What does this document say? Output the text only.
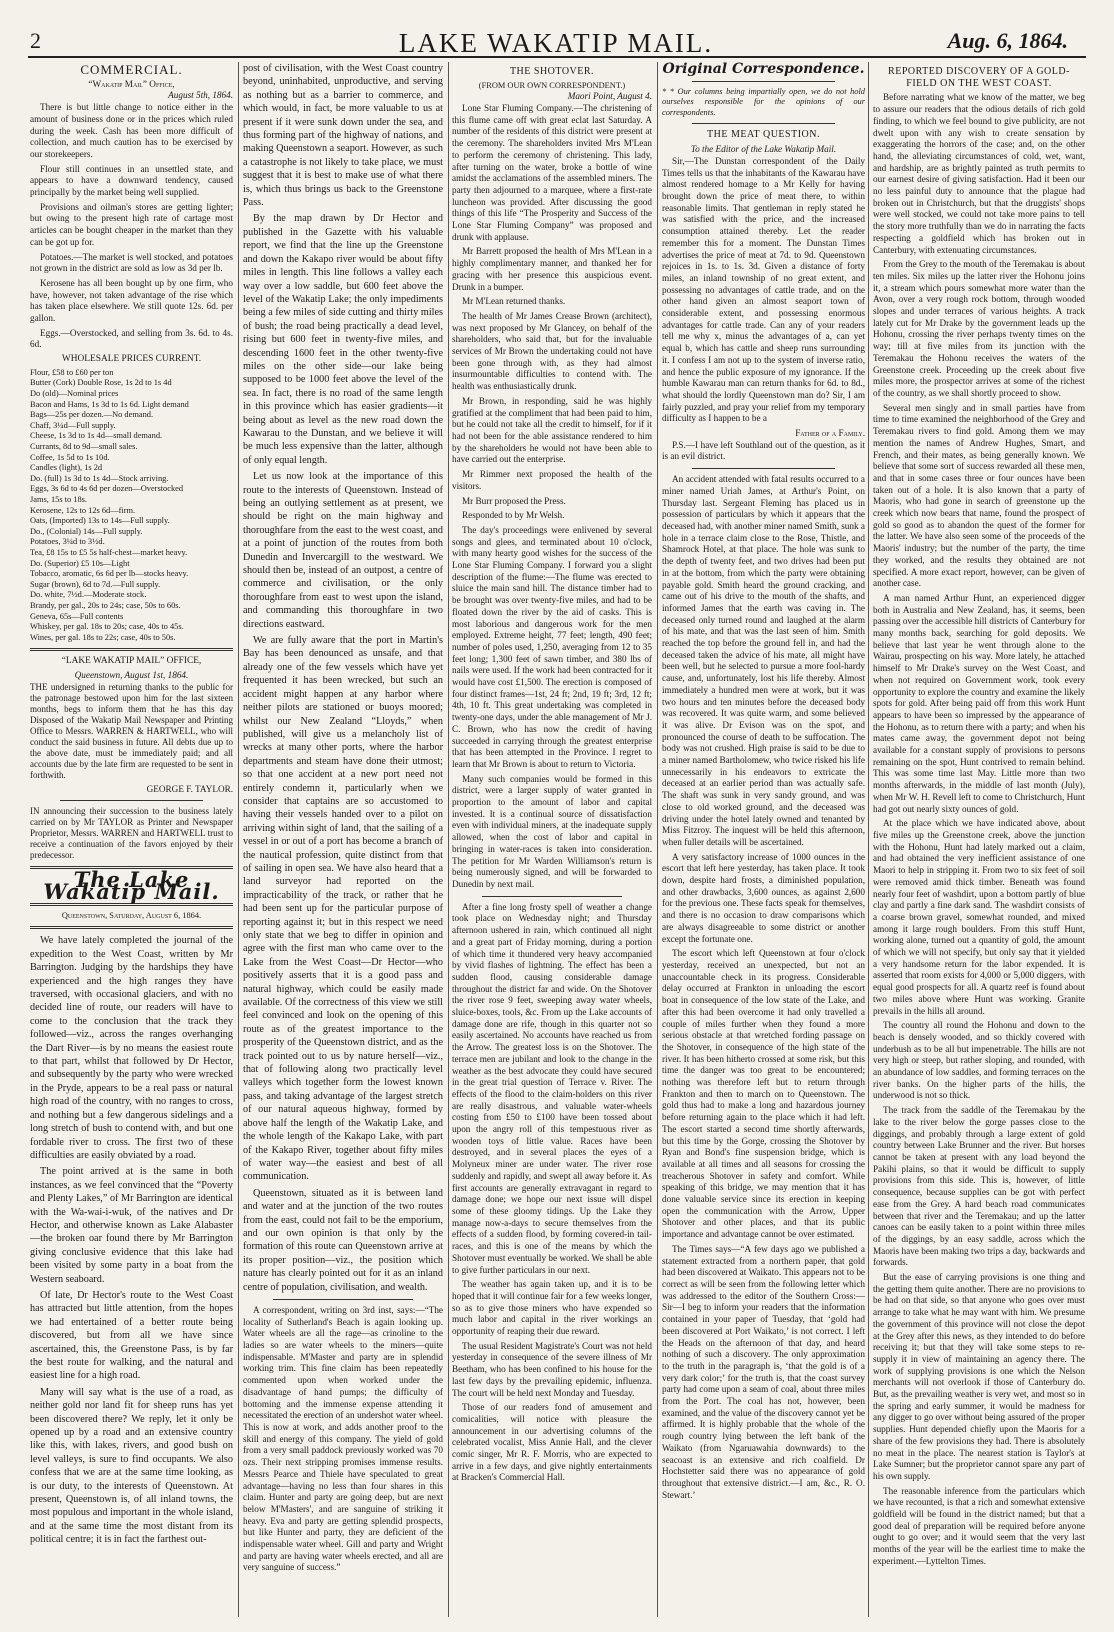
2	LAKE WAKATIP MAIL.	Aug. 6, 1864.
COMMERCIAL.
“Wakatip Mail” Office,
August 5th, 1864.

There is but little change to notice either in the amount of business done or in the prices which ruled during the week. Cash has been more difficult of collection, and much caution has to be exercised by our storekeepers.

Flour still continues in an unsettled state, and appears to have a downward tendency, caused principally by the market being well supplied.

Provisions and oilman's stores are getting lighter; but owing to the present high rate of cartage most articles can be bought cheaper in the market than they can be got up for.

Potatoes.—The market is well stocked, and potatoes not grown in the district are sold as low as 3d per lb.

Kerosene has all been bought up by one firm, who have, however, not taken advantage of the rise which has taken place elsewhere. We still quote 12s. 6d. per gallon.

Eggs.—Overstocked, and selling from 3s. 6d. to 4s. 6d.

WHOLESALE PRICES CURRENT.
Flour, £58 to £60 per ton
Butter (Cork) Double Rose, 1s 2d to 1s 4d
Do (old)—Nominal prices
Bacon and Hams, 1s 3d to 1s 6d. Light demand
Bags—25s per dozen.—No demand.
Chaff, 3¼d—Full supply.
Cheese, 1s 3d to 1s 4d—small demand.
Currants, 8d to 9d—small sales.
Coffee, 1s 5d to 1s 10d.
Candles (light), 1s 2d
Do. (full) 1s 3d to 1s 4d—Stock arriving.
Eggs, 3s 6d to 4s 6d per dozen—Overstocked
Jams, 15s to 18s.
Kerosene, 12s to 12s 6d—firm.
Oats, (Imported) 13s to 14s—Full supply.
Do., (Colonial) 14s—Full supply.
Potatoes, 3¼d to 3½d.
Tea, £8 15s to £5 5s half-chest—market heavy.
Do. (Superior) £5 10s—Light
Tobacco, aromatic, 6s 6d per lb—stocks heavy.
Sugar (brown), 6d to 7d.—Full supply.
Do. white, 7½d.—Moderate stock.
Brandy, per gal., 20s to 24s; case, 50s to 60s.
Geneva, 65s—Full contents
Whiskey, per gal. 18s to 20s; case, 40s to 45s.
Wines, per gal. 18s to 22s; case, 40s to 50s.
“LAKE WAKATIP MAIL” OFFICE,
Queenstown, August 1st, 1864.

THE undersigned in returning thanks to the public for the patronage bestowed upon him for the last sixteen months, begs to inform them that he has this day Disposed of the Wakatip Mail Newspaper and Printing Office to Messrs. WARREN & HARTWELL, who will conduct the said business in future. All debts due up to the above date, must be immediately paid; and all accounts due by the late firm are requested to be sent in forthwith.

GEORGE F. TAYLOR.

IN announcing their succession to the business lately carried on by Mr TAYLOR as Printer and Newspaper Proprietor, Messrs. WARREN and HARTWELL trust to receive a continuation of the favors enjoyed by their predecessor.

The Lake Wakatip Mail.
Queenstown, Saturday, August 6, 1864.

We have lately completed the journal of the expedition to the West Coast, written by Mr Barrington. Judging by the hardships they have experienced and the high ranges they have traversed, with occasional glaciers, and with no decided line of route, our readers will have to come to the conclusion that the track they followed—viz., across the ranges overhanging the Dart River—is by no means the easiest route to that part, whilst that followed by Dr Hector, and subsequently by the party who were wrecked in the Pryde, appears to be a real pass or natural high road of the country, with no ranges to cross, and nothing but a few dangerous sidelings and a long stretch of bush to contend with, and but one fordable river to cross. The first two of these difficulties are easily obviated by a road.

The point arrived at is the same in both instances, as we feel convinced that the “Poverty and Plenty Lakes,” of Mr Barrington are identical with the Wa-wai-i-wuk, of the natives and Dr Hector, and otherwise known as Lake Alabaster—the broken oar found there by Mr Barrington giving conclusive evidence that this lake had been visited by some party in a boat from the Western seaboard.

Of late, Dr Hector's route to the West Coast has attracted but little attention, from the hopes we had entertained of a better route being discovered, but from all we have since ascertained, this, the Greenstone Pass, is by far the best route for walking, and the natural and easiest line for a high road.

Many will say what is the use of a road, as neither gold nor land fit for sheep runs has yet been discovered there? We reply, let it only be opened up by a road and an extensive country like this, with lakes, rivers, and good bush on level valleys, is sure to find occupants. We also confess that we are at the same time looking, as is our duty, to the interests of Queenstown. At present, Queenstown is, of all inland towns, the most populous and important in the whole island, and at the same time the most distant from its political centre; it is in fact the farthest out-

post of civilisation, with the West Coast country beyond, uninhabited, unproductive, and serving as nothing but as a barrier to commerce, and which would, in fact, be more valuable to us at present if it were sunk down under the sea, and thus forming part of the highway of nations, and making Queenstown a seaport. However, as such a catastrophe is not likely to take place, we must suggest that it is best to make use of what there is, which thus brings us back to the Greenstone Pass.

By the map drawn by Dr Hector and published in the Gazette with his valuable report, we find that the line up the Greenstone and down the Kakapo river would be about fifty miles in length. This line follows a valley each way over a low saddle, but 600 feet above the level of the Wakatip Lake; the only impediments being a few miles of side cutting and thirty miles of bush; the road being practically a dead level, rising but 600 feet in twenty-five miles, and descending 1600 feet in the other twenty-five miles on the other side—our lake being supposed to be 1000 feet above the level of the sea. In fact, there is no road of the same length in this province which has easier gradients—it being about as level as the new road down the Kawarau to the Dunstan, and we believe it will be much less expensive than the latter, although of only equal length.

Let us now look at the importance of this route to the interests of Queenstown. Instead of being an outlying settlement as at present, we should be right on the main highway and thoroughfare from the east to the west coast, and at a point of junction of the routes from both Dunedin and Invercargill to the westward. We should then be, instead of an outpost, a centre of commerce and civilisation, or the only thoroughfare from east to west upon the island, and commanding this thoroughfare in two directions eastward.

We are fully aware that the port in Martin's Bay has been denounced as unsafe, and that already one of the few vessels which have yet frequented it has been wrecked, but such an accident might happen at any harbor where neither pilots are stationed or buoys moored; whilst our New Zealand “Lloyds,” when published, will give us a melancholy list of wrecks at many other ports, where the harbor departments and steam have done their utmost; so that one accident at a new port need not entirely condemn it, particularly when we consider that captains are so accustomed to having their vessels handed over to a pilot on arriving within sight of land, that the sailing of a vessel in or out of a port has become a branch of the nautical profession, quite distinct from that of sailing in open sea. We have also heard that a land surveyor had reported on the impracticability of the track, or rather that he had been sent up for the particular purpose of reporting against it; but in this respect we need only state that we beg to differ in opinion and agree with the first man who came over to the Lake from the West Coast—Dr Hector—who positively asserts that it is a good pass and natural highway, which could be easily made available. Of the correctness of this view we still feel convinced and look on the opening of this route as of the greatest importance to the prosperity of the Queenstown district, and as the track pointed out to us by nature herself—viz., that of following along two practically level valleys which together form the lowest known pass, and taking advantage of the largest stretch of our natural aqueous highway, formed by above half the length of the Wakatip Lake, and the whole length of the Kakapo Lake, with part of the Kakapo River, together about fifty miles of water way—the easiest and best of all communication.

Queenstown, situated as it is between land and water and at the junction of the two routes from the east, could not fail to be the emporium, and our own opinion is that only by the formation of this route can Queenstown arrive at its proper position—viz., the position which nature has clearly pointed out for it as an inland centre of population, civilisation, and wealth.

A correspondent, writing on 3rd inst, says:—“The locality of Sutherland's Beach is again looking up. Water wheels are all the rage—as crinoline to the ladies so are water wheels to the miners—quite indispensable. M'Master and party are in splendid working trim. This fine claim has been repeatedly commented upon when worked under the disadvantage of hand pumps; the difficulty of bottoming and the immense expense attending it necessitated the erection of an undershot water wheel. This is now at work, and adds another proof to the skill and energy of this company. The yield of gold from a very small paddock previously worked was 70 ozs. Their next stripping promises immense results. Messrs Pearce and Thiele have speculated to great advantage—having no less than four shares in this claim. Hunter and party are going deep, but are next below M'Masters', and are sanguine of striking it heavy. Eva and party are getting splendid prospects, but like Hunter and party, they are deficient of the indispensable water wheel. Gill and party and Wright and party are having water wheels erected, and all are very sanguine of success.”

THE SHOTOVER.
(FROM OUR OWN CORRESPONDENT.)
Maori Point, August 4.

Lone Star Fluming Company.—The christening of this flume came off with great eclat last Saturday. A number of the residents of this district were present at the ceremony. The shareholders invited Mrs M'Lean to perform the ceremony of christening. This lady, after turning on the water, broke a bottle of wine amidst the acclamations of the assembled miners. The party then adjourned to a marquee, where a first-rate luncheon was provided. After discussing the good things of this life “The Prosperity and Success of the Lone Star Fluming Company” was proposed and drunk with applause.

Mr Barrett proposed the health of Mrs M'Lean in a highly complimentary manner, and thanked her for gracing with her presence this auspicious event. Drunk in a bumper.

Mr M'Lean returned thanks.

The health of Mr James Crease Brown (architect), was next proposed by Mr Glancey, on behalf of the shareholders, who said that, but for the invaluable services of Mr Brown the undertaking could not have been gone through with, as they had almost insurmountable difficulties to contend with. The health was enthusiastically drunk.

Mr Brown, in responding, said he was highly gratified at the compliment that had been paid to him, but he could not take all the credit to himself, for if it had not been for the able assistance rendered to him by the shareholders he would not have been able to have carried out the enterprise.

Mr Rimmer next proposed the health of the visitors.

Mr Burr proposed the Press.

Responded to by Mr Welsh.

The day's proceedings were enlivened by several songs and glees, and terminated about 10 o'clock, with many hearty good wishes for the success of the Lone Star Fluming Company. I forward you a slight description of the flume:—The flume was erected to sluice the main sand hill. The distance timber had to be brought was over twenty-five miles, and had to be floated down the river by the aid of casks. This is most laborious and dangerous work for the men employed. Extreme height, 77 feet; length, 490 feet; number of poles used, 1,250, averaging from 12 to 35 feet long; 1,300 feet of sawn timber, and 380 lbs of nails were used. If the work had been contracted for it would have cost £1,500. The erection is composed of four distinct frames—1st, 24 ft; 2nd, 19 ft; 3rd, 12 ft; 4th, 10 ft. This great undertaking was completed in twenty-one days, under the able management of Mr J. C. Brown, who has now the credit of having succeeded in carrying through the greatest enterprise that has been attempted in the Province. I regret to learn that Mr Brown is about to return to Victoria.

Many such companies would be formed in this district, were a larger supply of water granted in proportion to the amount of labor and capital invested. It is a continual source of dissatisfaction even with individual miners, at the inadequate supply allowed, when the cost of labor and capital in bringing in water-races is taken into consideration. The petition for Mr Warden Williamson's return is being numerously signed, and will be forwarded to Dunedin by next mail.

After a fine long frosty spell of weather a change took place on Wednesday night; and Thursday afternoon ushered in rain, which continued all night and a great part of Friday morning, during a portion of which time it thundered very heavy accompanied by vivid flashes of lightning. The effect has been a sudden flood, causing considerable damage throughout the district far and wide. On the Shotover the river rose 9 feet, sweeping away water wheels, sluice-boxes, tools, &c. From up the Lake accounts of damage done are rife, though in this quarter not so easily ascertained. No accounts have reached us from the Arrow. The greatest loss is on the Shotover. The terrace men are jubilant and look to the change in the weather as the best advocate they could have secured in the great trial question of Terrace v. River. The effects of the flood to the claim-holders on this river are really disastrous, and valuable water-wheels costing from £50 to £100 have been tossed about upon the angry roll of this tempestuous river as wooden toys of little value. Races have been destroyed, and in several places the eyes of a Molyneux miner are under water. The river rose suddenly and rapidly, and swept all away before it. As first accounts are generally extravagant in regard to damage done; we hope our next issue will dispel some of these gloomy tidings. Up the Lake they manage now-a-days to secure themselves from the effects of a sudden flood, by forming covered-in tail-races, and this is one of the means by which the Shotover must eventually be worked. We shall be able to give further particulars in our next.

The weather has again taken up, and it is to be hoped that it will continue fair for a few weeks longer, so as to give those miners who have expended so much labor and capital in the river workings an opportunity of reaping their due reward.

The usual Resident Magistrate's Court was not held yesterday in consequence of the severe illness of Mr Beetham, who has been confined to his house for the last few days by the prevailing epidemic, influenza. The court will be held next Monday and Tuesday.

Those of our readers fond of amusement and comicalities, will notice with pleasure the announcement in our advertising columns of the celebrated vocalist, Miss Annie Hall, and the clever comic singer, Mr R. F. Morris, who are expected to arrive in a few days, and give nightly entertainments at Bracken's Commercial Hall.

Original Correspondence.

* * Our columns being impartially open, we do not hold ourselves responsible for the opinions of our correspondents.

THE MEAT QUESTION.
To the Editor of the Lake Wakatip Mail.

Sir,—The Dunstan correspondent of the Daily Times tells us that the inhabitants of the Kawarau have almost rendered homage to a Mr Kelly for having brought down the price of meat there, to within reasonable limits. That gentleman in reply stated he was satisfied with the price, and the increased consumption attained thereby. Let the reader remember this for a moment. The Dunstan Times advertises the price of meat at 7d. to 9d. Queenstown rejoices in 1s. to 1s. 3d. Given a distance of forty miles, an inland township of no great extent, and possessing no advantages of cattle trade, and on the other hand given an almost seaport town of considerable extent, and possessing enormous advantages for cattle trade. Can any of your readers tell me why x, minus the advantages of a, can yet equal b, which has cattle and sheep runs surrounding it. I confess I am not up to the system of inverse ratio, and hence the public exposure of my ignorance. If the humble Kawarau man can return thanks for 6d. to 8d., what should the lordly Queenstown man do? Sir, I am fairly puzzled, and pray your relief from my temporary difficulty as I happen to be a

Father of a Family.

P.S.—I have left Southland out of the question, as it is an evil district.

An accident attended with fatal results occurred to a miner named Uriah James, at Arthur's Point, on Thursday last. Sergeant Fleming has placed us in possession of particulars by which it appears that the deceased had, with another miner named Smith, sunk a hole in a terrace claim close to the Rose, Thistle, and Shamrock Hotel, at that place. The hole was sunk to the depth of twenty feet, and two drives had been put in at the bottom, from which the party were obtaining payable gold. Smith heard the ground cracking, and came out of his drive to the mouth of the shafts, and informed James that the earth was caving in. The deceased only turned round and laughed at the alarm of his mate, and that was the last seen of him. Smith reached the top before the ground fell in, and had the deceased taken the advice of his mate, all might have been well, but he selected to pursue a more fool-hardy cause, and, unfortunately, lost his life thereby. Almost immediately a hundred men were at work, but it was two hours and ten minutes before the deceased body was recovered. It was quite warm, and some believed it was alive. Dr Evison was on the spot, and pronounced the course of death to be suffocation. The body was not crushed. High praise is said to be due to a miner named Bartholomew, who twice risked his life unnecessarily in his endeavors to extricate the deceased at an earlier period than was actually safe. The shaft was sunk in very sandy ground, and was close to old worked ground, and the deceased was driving under the hotel lately owned and tenanted by Miss Fitzroy. The inquest will be held this afternoon, when fuller details will be ascertained.

A very satisfactory increase of 1000 ounces in the escort that left here yesterday, has taken place. It took down, despite hard frosts, a diminished population, and other drawbacks, 3,600 ounces, as against 2,600 for the previous one. These facts speak for themselves, and there is no occasion to draw comparisons which are always disagreeable to some district or another except the fortunate one.

The escort which left Queenstown at four o'clock yesterday, received an unexpected, but not an unaccountable check in its progress. Considerable delay occurred at Frankton in unloading the escort boat in consequence of the low state of the Lake, and after this had been overcome it had only travelled a couple of miles further when they found a more serious obstacle at that wretched fording passage on the Shotover, in consequence of the high state of the river. It has been hitherto crossed at some risk, but this time the danger was too great to be encountered; nothing was therefore left but to return through Frankton and then to march on to Queenstown. The gold thus had to make a long and hazardous journey before returning again to the place which it had left. The escort started a second time shortly afterwards, but this time by the Gorge, crossing the Shotover by Ryan and Bond's fine suspension bridge, which is available at all times and all seasons for crossing the treacherous Shotover in safety and comfort. While speaking of this bridge, we may mention that it has done valuable service since its erection in keeping open the communication with the Arrow, Upper Shotover and other places, and that its public importance and advantage cannot be over estimated.

The Times says—“A few days ago we published a statement extracted from a northern paper, that gold had been discovered at Waikato. This appears not to be correct as will be seen from the following letter which was addressed to the editor of the Southern Cross:—Sir—I beg to inform your readers that the information contained in your paper of Tuesday, that ‘gold had been discovered at Port Waikato,’ is not correct. I left the Heads on the afternoon of that day, and heard nothing of such a discovery. The only approximation to the truth in the paragraph is, ‘that the gold is of a very dark color;’ for the truth is, that the coast survey party had come upon a seam of coal, about three miles from the Port. The coal has not, however, been examined, and the value of the discovery cannot yet be affirmed. It is highly probable that the whole of the rough country lying between the left bank of the Waikato (from Ngaruawahia downwards) to the seacoast is an extensive and rich coalfield. Dr Hochstetter said there was no appearance of gold throughout that extensive district.—I am, &c., R. O. Stewart.’

REPORTED DISCOVERY OF A GOLD-FIELD ON THE WEST COAST.

Before narrating what we know of the matter, we beg to assure our readers that the odious details of rich gold finding, to which we feel bound to give publicity, are not dwelt upon with any wish to create sensation by exaggerating the horrors of the case; and, on the other hand, the alleviating circumstances of cold, wet, want, and hardship, are as brightly painted as truth permits to our earnest desire of giving satisfaction. Had it been our no less painful duty to announce that the plague had broken out in Christchurch, but that the druggists' shops were well stocked, we could not take more pains to tell the story more truthfully than we do in narrating the facts respecting a goldfield which has broken out in Canterbury, with extenuating circumstances.

From the Grey to the mouth of the Teremakau is about ten miles. Six miles up the latter river the Hohonu joins it, a stream which pours somewhat more water than the Avon, over a very rough rock bottom, through wooded slopes and under terraces of various heights. A track lately cut for Mr Drake by the government leads up the Hohonu, crossing the river perhaps twenty times on the way; till at five miles from its junction with the Teremakau the Hohonu receives the waters of the Greenstone creek. Proceeding up the creek about five miles more, the prospector arrives at some of the richest of the country, as we shall shortly proceed to show.

Several men singly and in small parties have from time to time examined the neighborhood of the Grey and Teremakau rivers to find gold. Among them we may mention the names of Andrew Hughes, Smart, and French, and their mates, as being generally known. We believe that some sort of success rewarded all these men, and that in some cases three or four ounces have been taken out of a hole. It is also known that a party of Maoris, who had gone in search of greenstone up the creek which now bears that name, found the prospect of gold so good as to abandon the quest of the former for the latter. We have also seen some of the proceeds of the Maoris' industry; but the number of the party, the time they worked, and the results they obtained are not specified. A more exact report, however, can be given of another case.

A man named Arthur Hunt, an experienced digger both in Australia and New Zealand, has, it seems, been passing over the accessible hill districts of Canterbury for many months back, searching for gold deposits. We believe that last year he went through alone to the Wairau, prospecting on his way. More lately, he attached himself to Mr Drake's survey on the West Coast, and when not required on Government work, took every opportunity to explore the country and examine the likely spots for gold. After being paid off from this work Hunt appears to have been so impressed by the appearance of the Hohonu, as to return there with a party; and when his mates came away, the government depot not being available for a constant supply of provisions to persons remaining on the spot, Hunt contrived to remain behind. This was some time last May. Little more than two months afterwards, in the middle of last month (July), when Mr W. H. Revell left to come to Christchurch, Hunt had got out nearly sixty ounces of gold.

At the place which we have indicated above, about five miles up the Greenstone creek, above the junction with the Hohonu, Hunt had lately marked out a claim, and had obtained the very inefficient assistance of one Maori to help in stripping it. From two to six feet of soil were removed amid thick timber. Beneath was found nearly four feet of washdirt, upon a bottom partly of blue clay and partly a fine dark sand. The washdirt consists of a coarse brown gravel, somewhat rounded, and mixed among it large rough boulders. From this stuff Hunt, working alone, turned out a quantity of gold, the amount of which we will not specify, but only say that it yielded a very handsome return for the labor expended. It is asserted that room exists for 4,000 or 5,000 diggers, with equal good prospects for all. A quartz reef is found about two miles above where Hunt was working. Granite prevails in the hills all around.

The country all round the Hohonu and down to the beach is densely wooded, and so thickly covered with underbush as to be all but impenetrable. The hills are not very high or steep, but rather sloping, and rounded, with an abundance of low saddles, and forming terraces on the river banks. On the higher parts of the hills, the underwood is not so thick.

The track from the saddle of the Teremakau by the lake to the river below the gorge passes close to the diggings, and probably through a large extent of gold country between Lake Brunner and the river. But horses cannot be taken at present with any load beyond the Pakihi plains, so that it would be difficult to supply provisions from this side. This is, however, of little consequence, because supplies can be got with perfect ease from the Grey. A hard beach road communicates between that river and the Teremakau; and up the latter canoes can be easily taken to a point within three miles of the diggings, by an easy saddle, across which the Maoris have been making two trips a day, backwards and forwards.

But the ease of carrying provisions is one thing and the getting them quite another. There are no provisions to be had on that side, so that anyone who goes over must arrange to take what he may want with him. We presume the government of this province will not close the depot at the Grey after this news, as they intended to do before receiving it; but that they will take some steps to re-supply it in view of maintaining an agency there. The work of supplying provisions is one which the Nelson merchants will not overlook if those of Canterbury do. But, as the prevailing weather is very wet, and most so in the spring and early summer, it would be madness for any digger to go over without being assured of the proper supplies. Hunt depended chiefly upon the Maoris for a share of the few provisions they had. There is absolutely no meat in the place. The nearest station is Taylor's at Lake Sumner; but the proprietor cannot spare any part of his own supply.

The reasonable inference from the particulars which we have recounted, is that a rich and somewhat extensive goldfield will be found in the district named; but that a good deal of preparation will be required before anyone ought to go over; and it would seem that the very last months of the year will be the earliest time to make the experiment.—Lyttelton Times.
